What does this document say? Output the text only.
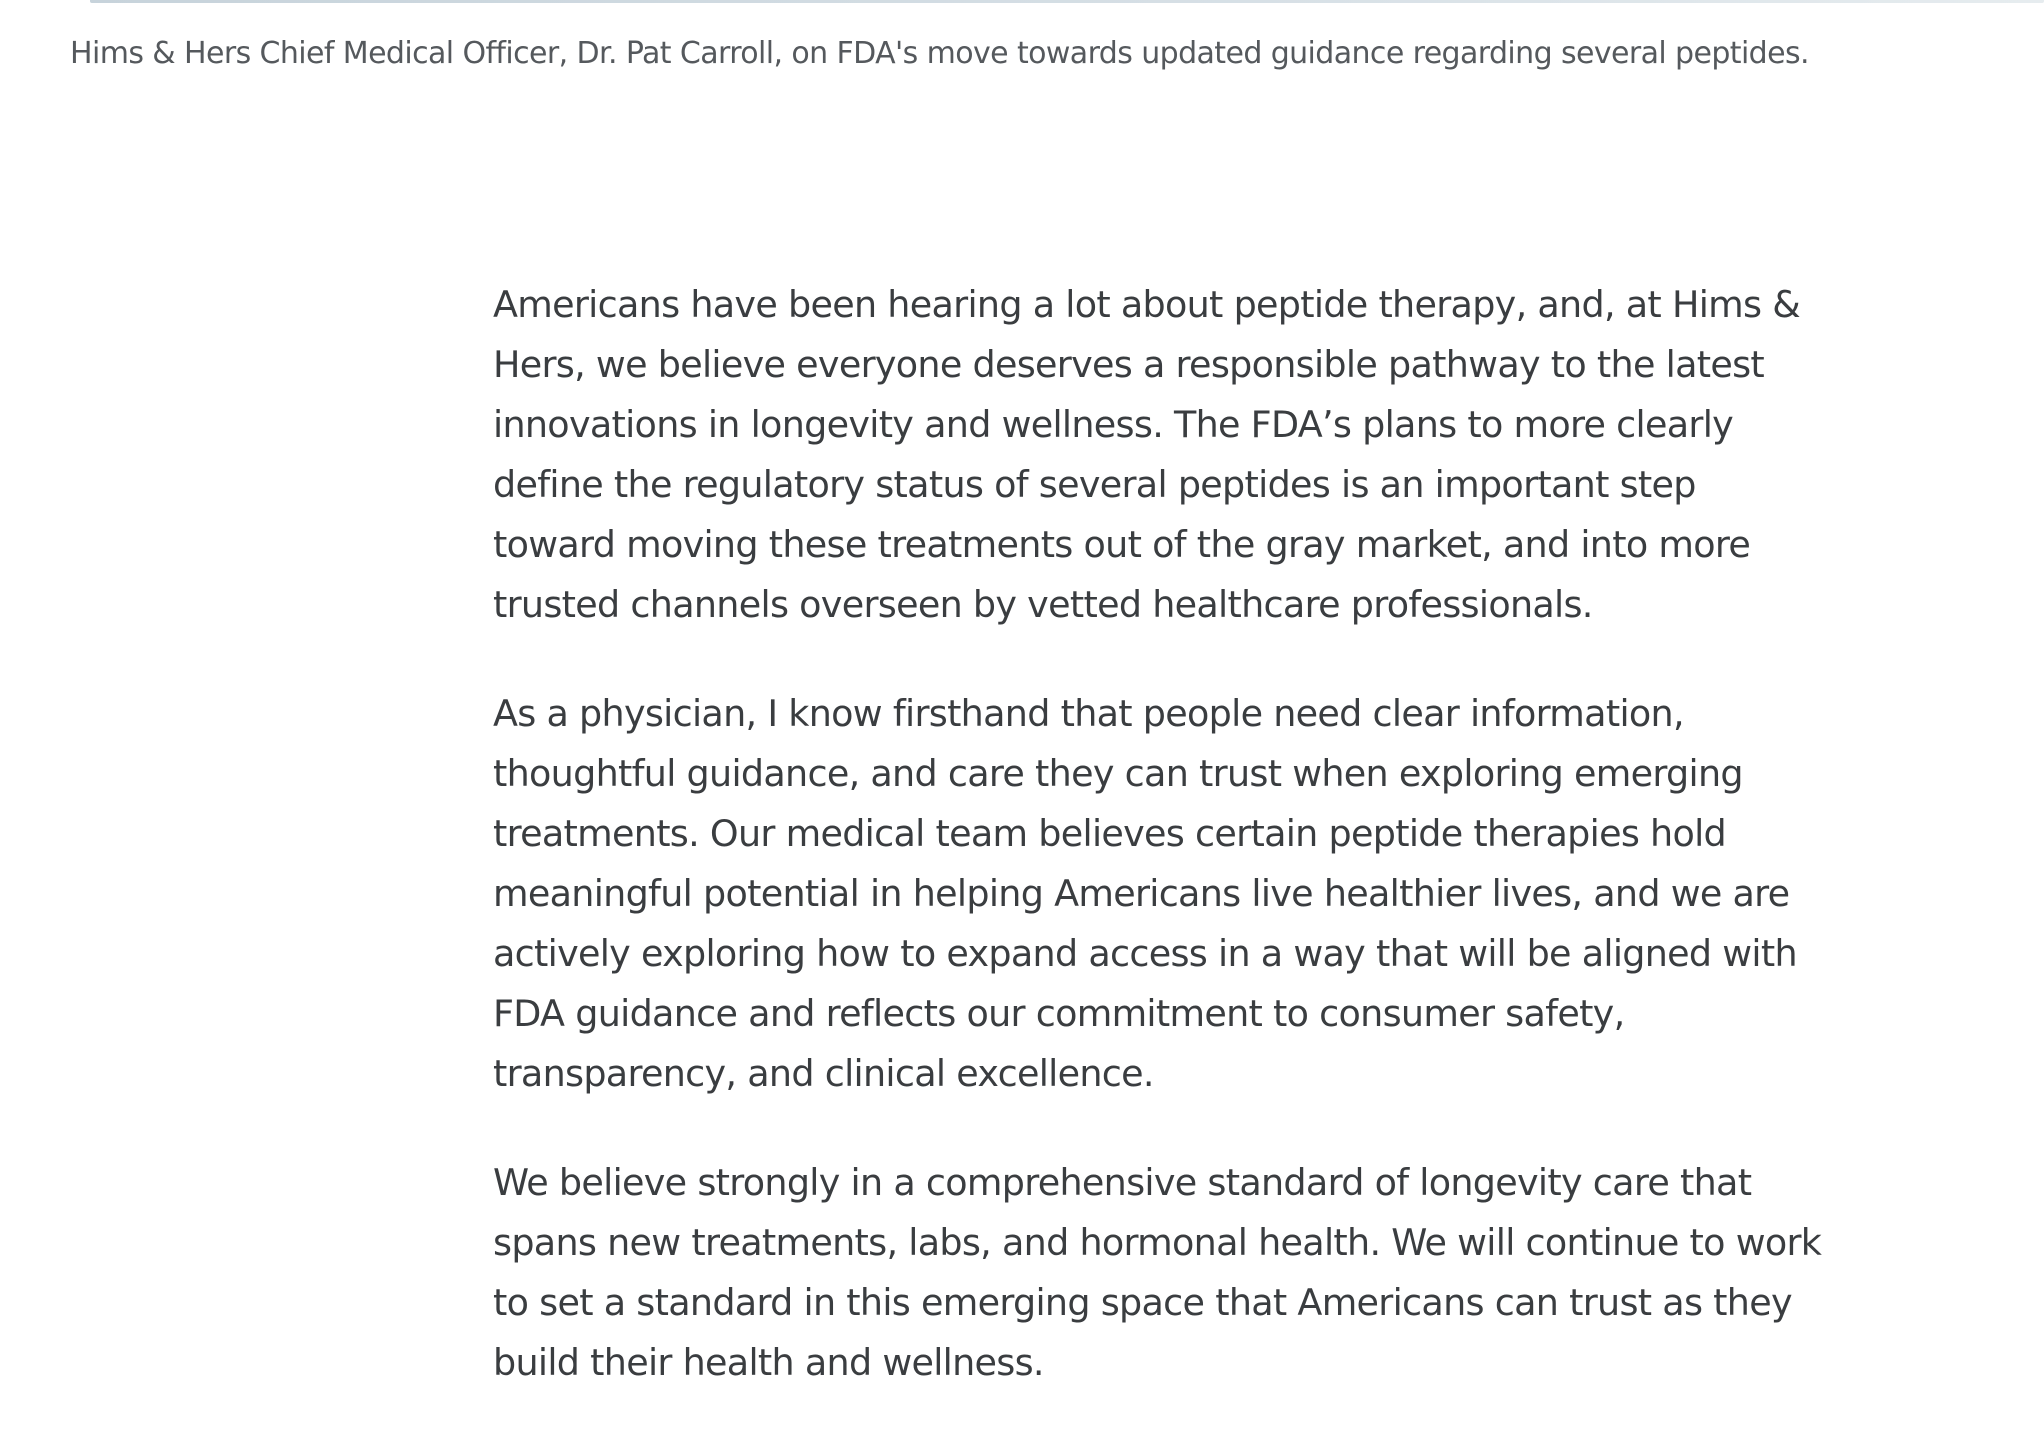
Hims & Hers Chief Medical Officer, Dr. Pat Carroll, on FDA's move towards updated guidance regarding several peptides.

Americans have been hearing a lot about peptide therapy, and, at Hims & Hers, we believe everyone deserves a responsible pathway to the latest innovations in longevity and wellness. The FDA’s plans to more clearly define the regulatory status of several peptides is an important step toward moving these treatments out of the gray market, and into more trusted channels overseen by vetted healthcare professionals.

As a physician, I know firsthand that people need clear information, thoughtful guidance, and care they can trust when exploring emerging treatments. Our medical team believes certain peptide therapies hold meaningful potential in helping Americans live healthier lives, and we are actively exploring how to expand access in a way that will be aligned with FDA guidance and reflects our commitment to consumer safety, transparency, and clinical excellence.

We believe strongly in a comprehensive standard of longevity care that spans new treatments, labs, and hormonal health. We will continue to work to set a standard in this emerging space that Americans can trust as they build their health and wellness.
